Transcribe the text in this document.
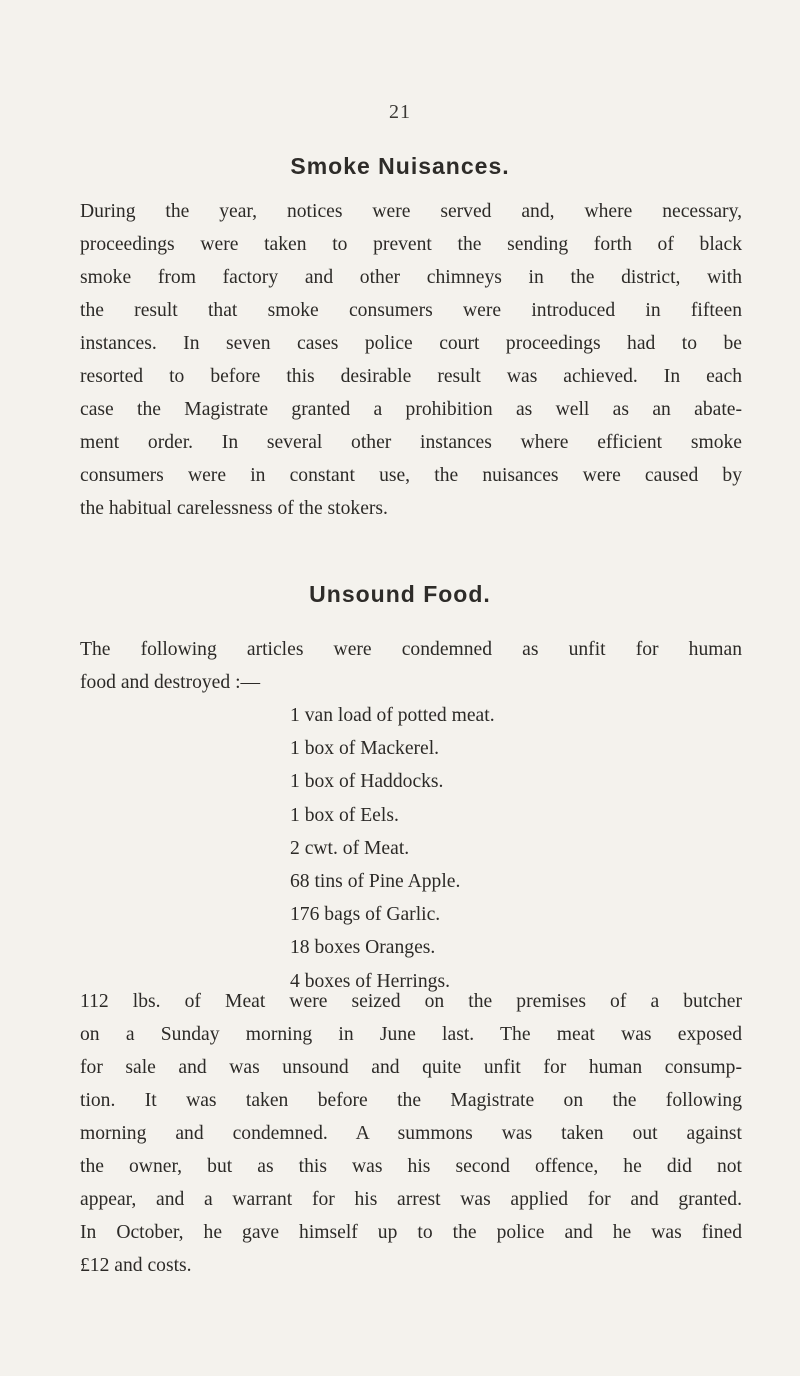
21
Smoke Nuisances.

During the year, notices were served and, where necessary,
proceedings were taken to prevent the sending forth of black
smoke from factory and other chimneys in the district, with
the result that smoke consumers were introduced in fifteen
instances. In seven cases police court proceedings had to be
resorted to before this desirable result was achieved. In each
case the Magistrate granted a prohibition as well as an abate-
ment order. In several other instances where efficient smoke
consumers were in constant use, the nuisances were caused by
the habitual carelessness of the stokers.

Unsound Food.

The following articles were condemned as unfit for human
food and destroyed :—

1 van load of potted meat.
1 box of Mackerel.
1 box of Haddocks.
1 box of Eels.
2 cwt. of Meat.
68 tins of Pine Apple.
176 bags of Garlic.
18 boxes Oranges.
4 boxes of Herrings.

112 lbs. of Meat were seized on the premises of a butcher
on a Sunday morning in June last. The meat was exposed
for sale and was unsound and quite unfit for human consump-
tion. It was taken before the Magistrate on the following
morning and condemned. A summons was taken out against
the owner, but as this was his second offence, he did not
appear, and a warrant for his arrest was applied for and granted.
In October, he gave himself up to the police and he was fined
£12 and costs.
